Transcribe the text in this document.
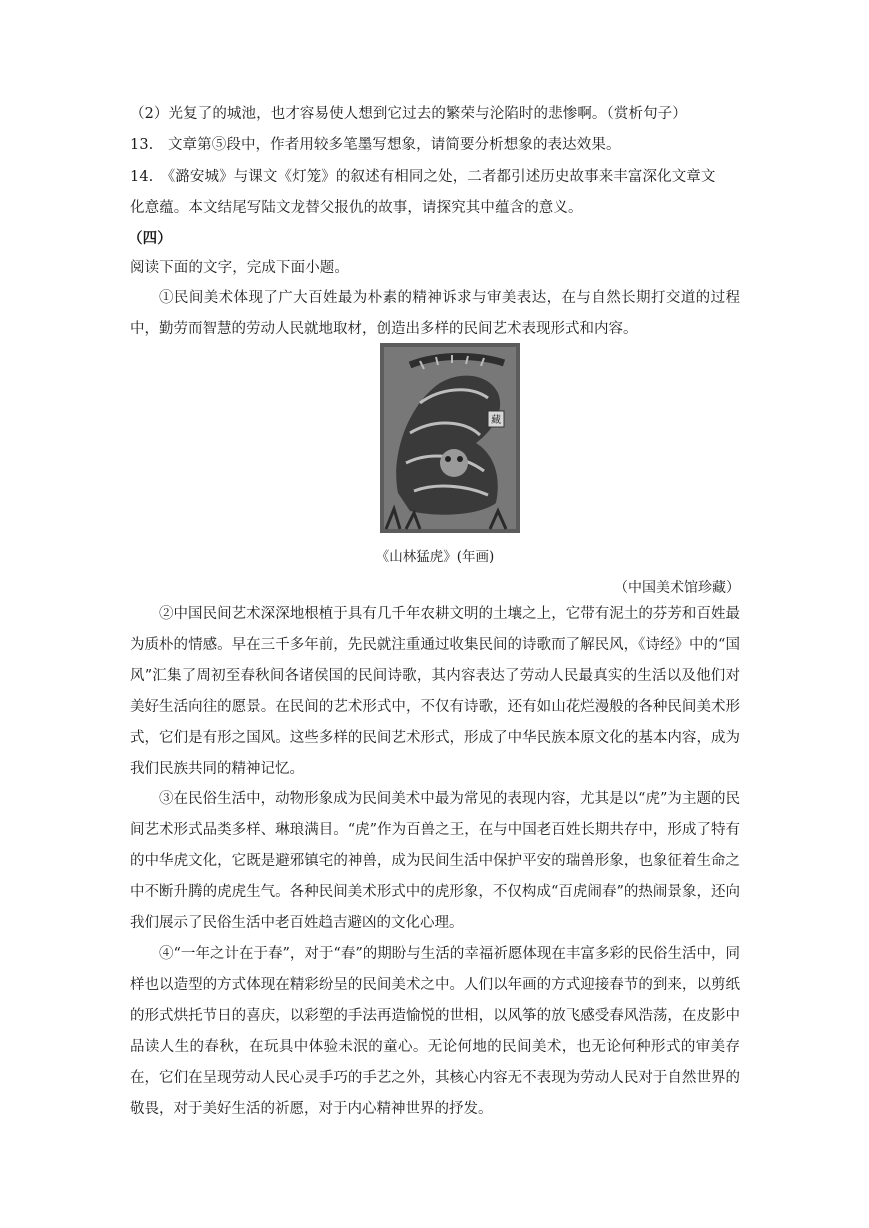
（2）光复了的城池，也才容易使人想到它过去的繁荣与沦陷时的悲惨啊。（赏析句子）
13.　文章第⑤段中，作者用较多笔墨写想象，请简要分析想象的表达效果。
14.　《潞安城》与课文《灯笼》的叙述有相同之处，二者都引述历史故事来丰富深化文章文
化意蕴。本文结尾写陆文龙替父报仇的故事，请探究其中蕴含的意义。
（四）
阅读下面的文字，完成下面小题。
①民间美术体现了广大百姓最为朴素的精神诉求与审美表达，在与自然长期打交道的过程中，勤劳而智慧的劳动人民就地取材，创造出多样的民间艺术表现形式和内容。
藏
《山林猛虎》(年画)
（中国美术馆珍藏）
②中国民间艺术深深地根植于具有几千年农耕文明的土壤之上，它带有泥土的芬芳和百姓最为质朴的情感。早在三千多年前，先民就注重通过收集民间的诗歌而了解民风，《诗经》中的“国风”汇集了周初至春秋间各诸侯国的民间诗歌，其内容表达了劳动人民最真实的生活以及他们对美好生活向往的愿景。在民间的艺术形式中，不仅有诗歌，还有如山花烂漫般的各种民间美术形式，它们是有形之国风。这些多样的民间艺术形式，形成了中华民族本原文化的基本内容，成为我们民族共同的精神记忆。
③在民俗生活中，动物形象成为民间美术中最为常见的表现内容，尤其是以“虎”为主题的民间艺术形式品类多样、琳琅满目。“虎”作为百兽之王，在与中国老百姓长期共存中，形成了特有的中华虎文化，它既是避邪镇宅的神兽，成为民间生活中保护平安的瑞兽形象，也象征着生命之中不断升腾的虎虎生气。各种民间美术形式中的虎形象，不仅构成“百虎闹春”的热闹景象，还向我们展示了民俗生活中老百姓趋吉避凶的文化心理。
④“一年之计在于春”，对于“春”的期盼与生活的幸福祈愿体现在丰富多彩的民俗生活中，同样也以造型的方式体现在精彩纷呈的民间美术之中。人们以年画的方式迎接春节的到来，以剪纸的形式烘托节日的喜庆，以彩塑的手法再造愉悦的世相，以风筝的放飞感受春风浩荡，在皮影中品读人生的春秋，在玩具中体验未泯的童心。无论何地的民间美术，也无论何种形式的审美存在，它们在呈现劳动人民心灵手巧的手艺之外，其核心内容无不表现为劳动人民对于自然世界的敬畏，对于美好生活的祈愿，对于内心精神世界的抒发。
